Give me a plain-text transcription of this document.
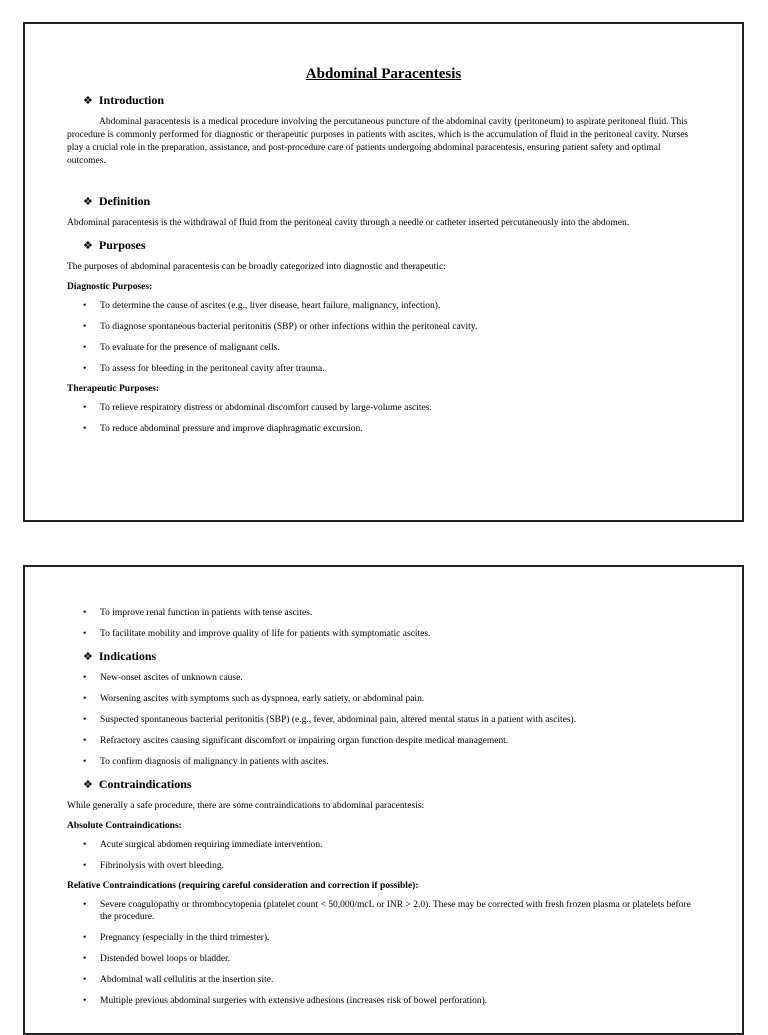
Abdominal Paracentesis
❖ Introduction

Abdominal paracentesis is a medical procedure involving the percutaneous puncture of the abdominal cavity (peritoneum) to aspirate peritoneal fluid. This procedure is commonly performed for diagnostic or therapeutic purposes in patients with ascites, which is the accumulation of fluid in the peritoneal cavity. Nurses play a crucial role in the preparation, assistance, and post-procedure care of patients undergoing abdominal paracentesis, ensuring patient safety and optimal outcomes.

❖ Definition

Abdominal paracentesis is the withdrawal of fluid from the peritoneal cavity through a needle or catheter inserted percutaneously into the abdomen.

❖ Purposes

The purposes of abdominal paracentesis can be broadly categorized into diagnostic and therapeutic:

Diagnostic Purposes:
• To determine the cause of ascites (e.g., liver disease, heart failure, malignancy, infection).
• To diagnose spontaneous bacterial peritonitis (SBP) or other infections within the peritoneal cavity.
• To evaluate for the presence of malignant cells.
• To assess for bleeding in the peritoneal cavity after trauma.
Therapeutic Purposes:
• To relieve respiratory distress or abdominal discomfort caused by large-volume ascites.
• To reduce abdominal pressure and improve diaphragmatic excursion.
• To improve renal function in patients with tense ascites.
• To facilitate mobility and improve quality of life for patients with symptomatic ascites.
❖ Indications
• New-onset ascites of unknown cause.
• Worsening ascites with symptoms such as dyspnoea, early satiety, or abdominal pain.
• Suspected spontaneous bacterial peritonitis (SBP) (e.g., fever, abdominal pain, altered mental status in a patient with ascites).
• Refractory ascites causing significant discomfort or impairing organ function despite medical management.
• To confirm diagnosis of malignancy in patients with ascites.
❖ Contraindications

While generally a safe procedure, there are some contraindications to abdominal paracentesis:

Absolute Contraindications:
• Acute surgical abdomen requiring immediate intervention.
• Fibrinolysis with overt bleeding.
Relative Contraindications (requiring careful consideration and correction if possible):
• Severe coagulopathy or thrombocytopenia (platelet count < 50,000/mcL or INR > 2.0). These may be corrected with fresh frozen plasma or platelets before the procedure.
• Pregnancy (especially in the third trimester).
• Distended bowel loops or bladder.
• Abdominal wall cellulitis at the insertion site.
• Multiple previous abdominal surgeries with extensive adhesions (increases risk of bowel perforation).
